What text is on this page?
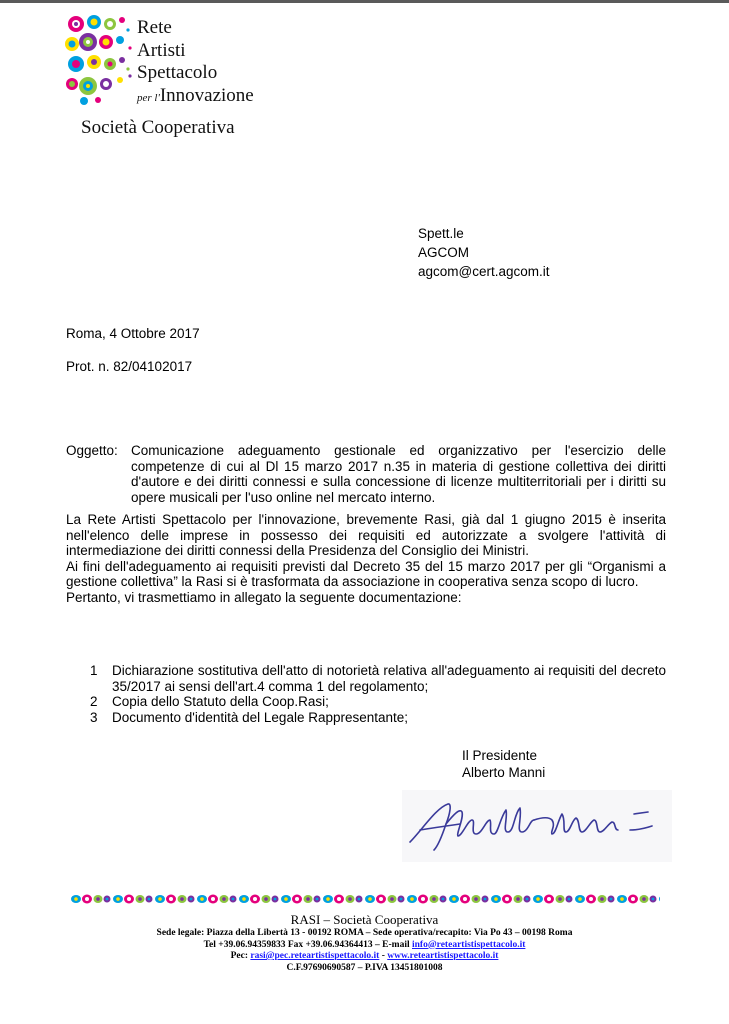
Rete
Artisti
Spettacolo
per l'Innovazione
Società Cooperativa
Spett.le
AGCOM
agcom@cert.agcom.it
Roma, 4 Ottobre 2017
Prot. n. 82/04102017
Oggetto: Comunicazione adeguamento gestionale ed organizzativo per l'esercizio delle competenze di cui al Dl 15 marzo 2017 n.35 in materia di gestione collettiva dei diritti d'autore e dei diritti connessi e sulla concessione di licenze multiterritoriali per i diritti su opere musicali per l'uso online nel mercato interno.
La Rete Artisti Spettacolo per l'innovazione, brevemente Rasi, già dal 1 giugno 2015 è inserita nell'elenco delle imprese in possesso dei requisiti ed autorizzate a svolgere l'attività di intermediazione dei diritti connessi della Presidenza del Consiglio dei Ministri.
Ai fini dell'adeguamento ai requisiti previsti dal Decreto 35 del 15 marzo 2017 per gli “Organismi a gestione collettiva” la Rasi si è trasformata da associazione in cooperativa senza scopo di lucro.
Pertanto, vi trasmettiamo in allegato la seguente documentazione:
1 Dichiarazione sostitutiva dell'atto di notorietà relativa all'adeguamento ai requisiti del decreto 35/2017 ai sensi dell'art.4 comma 1 del regolamento;
2 Copia dello Statuto della Coop.Rasi;
3 Documento d'identità del Legale Rappresentante;
Il Presidente
Alberto Manni
RASI – Società Cooperativa
Sede legale: Piazza della Libertà 13 - 00192 ROMA – Sede operativa/recapito: Via Po 43 – 00198 Roma
Tel +39.06.94359833 Fax +39.06.94364413 – E-mail info@reteartistispettacolo.it
Pec: rasi@pec.reteartistispettacolo.it - www.reteartistispettacolo.it
C.F.97690690587 – P.IVA 13451801008
